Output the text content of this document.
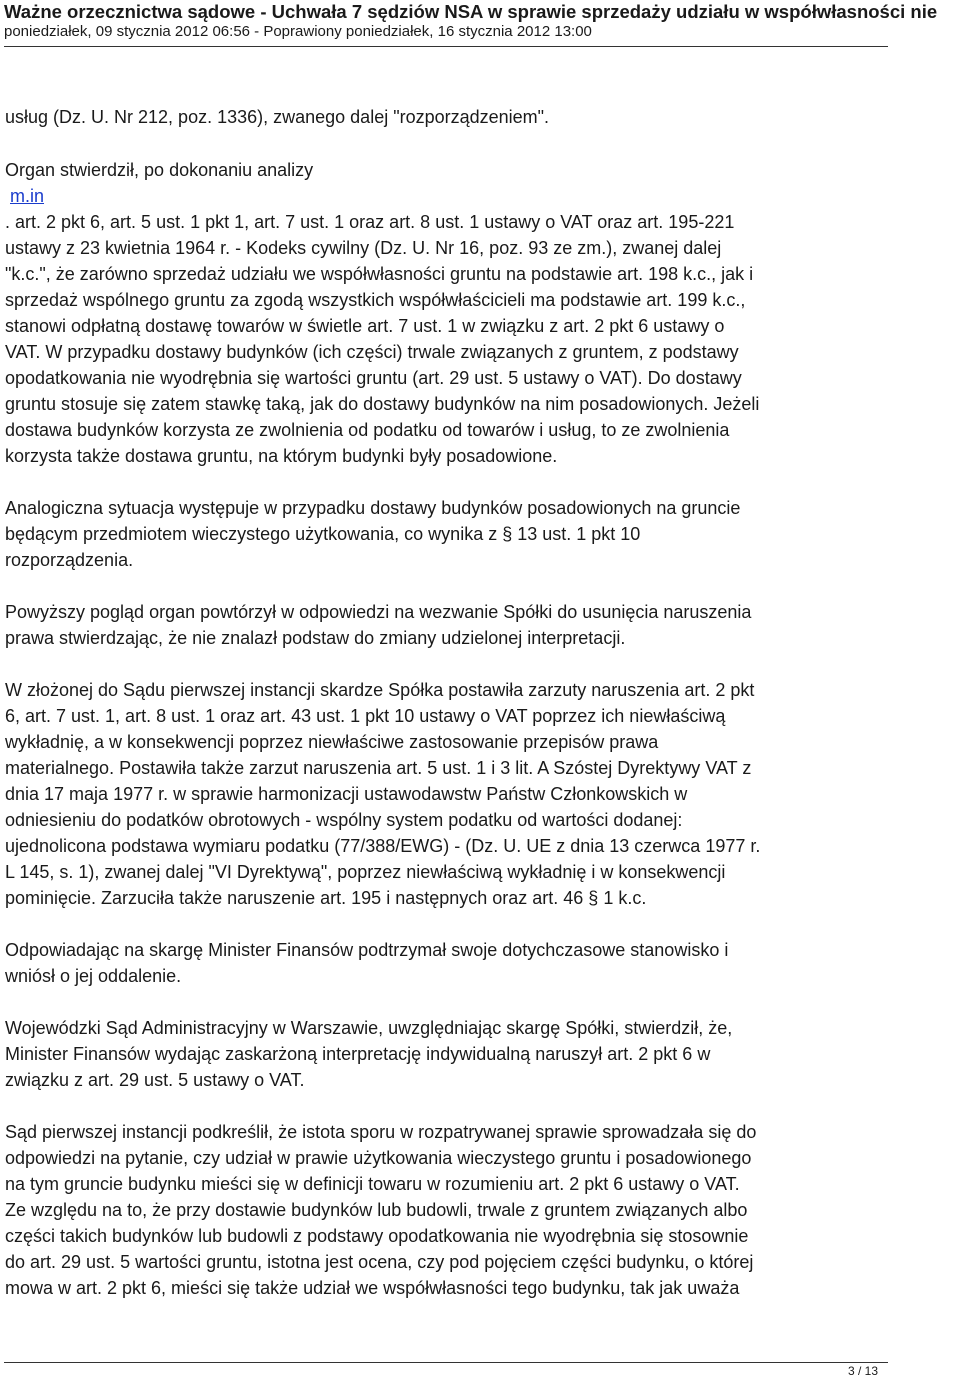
Ważne orzecznictwa sądowe - Uchwała 7 sędziów NSA w sprawie sprzedaży udziału w współwłasności nie
poniedziałek, 09 stycznia 2012 06:56 - Poprawiony poniedziałek, 16 stycznia 2012 13:00
usług (Dz. U. Nr 212, poz. 1336), zwanego dalej "rozporządzeniem".
Organ stwierdził, po dokonaniu analizy
m.in
. art. 2 pkt 6, art. 5 ust. 1 pkt 1, art. 7 ust. 1 oraz art. 8 ust. 1 ustawy o VAT oraz art. 195-221
ustawy z 23 kwietnia 1964 r. - Kodeks cywilny (Dz. U. Nr 16, poz. 93 ze zm.), zwanej dalej
"k.c.", że zarówno sprzedaż udziału we współwłasności gruntu na podstawie art. 198 k.c., jak i
sprzedaż wspólnego gruntu za zgodą wszystkich współwłaścicieli ma podstawie art. 199 k.c.,
stanowi odpłatną dostawę towarów w świetle art. 7 ust. 1 w związku z art. 2 pkt 6 ustawy o
VAT. W przypadku dostawy budynków (ich części) trwale związanych z gruntem, z podstawy
opodatkowania nie wyodrębnia się wartości gruntu (art. 29 ust. 5 ustawy o VAT). Do dostawy
gruntu stosuje się zatem stawkę taką, jak do dostawy budynków na nim posadowionych. Jeżeli
dostawa budynków korzysta ze zwolnienia od podatku od towarów i usług, to ze zwolnienia
korzysta także dostawa gruntu, na którym budynki były posadowione.
Analogiczna sytuacja występuje w przypadku dostawy budynków posadowionych na gruncie
będącym przedmiotem wieczystego użytkowania, co wynika z § 13 ust. 1 pkt 10
rozporządzenia.
Powyższy pogląd organ powtórzył w odpowiedzi na wezwanie Spółki do usunięcia naruszenia
prawa stwierdzając, że nie znalazł podstaw do zmiany udzielonej interpretacji.
W złożonej do Sądu pierwszej instancji skardze Spółka postawiła zarzuty naruszenia art. 2 pkt
6, art. 7 ust. 1, art. 8 ust. 1 oraz art. 43 ust. 1 pkt 10 ustawy o VAT poprzez ich niewłaściwą
wykładnię, a w konsekwencji poprzez niewłaściwe zastosowanie przepisów prawa
materialnego. Postawiła także zarzut naruszenia art. 5 ust. 1 i 3 lit. A Szóstej Dyrektywy VAT z
dnia 17 maja 1977 r. w sprawie harmonizacji ustawodawstw Państw Członkowskich w
odniesieniu do podatków obrotowych - wspólny system podatku od wartości dodanej:
ujednolicona podstawa wymiaru podatku (77/388/EWG) - (Dz. U. UE z dnia 13 czerwca 1977 r.
L 145, s. 1), zwanej dalej "VI Dyrektywą", poprzez niewłaściwą wykładnię i w konsekwencji
pominięcie. Zarzuciła także naruszenie art. 195 i następnych oraz art. 46 § 1 k.c.
Odpowiadając na skargę Minister Finansów podtrzymał swoje dotychczasowe stanowisko i
wniósł o jej oddalenie.
Wojewódzki Sąd Administracyjny w Warszawie, uwzględniając skargę Spółki, stwierdził, że,
Minister Finansów wydając zaskarżoną interpretację indywidualną naruszył art. 2 pkt 6 w
związku z art. 29 ust. 5 ustawy o VAT.
Sąd pierwszej instancji podkreślił, że istota sporu w rozpatrywanej sprawie sprowadzała się do
odpowiedzi na pytanie, czy udział w prawie użytkowania wieczystego gruntu i posadowionego
na tym gruncie budynku mieści się w definicji towaru w rozumieniu art. 2 pkt 6 ustawy o VAT.
Ze względu na to, że przy dostawie budynków lub budowli, trwale z gruntem związanych albo
części takich budynków lub budowli z podstawy opodatkowania nie wyodrębnia się stosownie
do art. 29 ust. 5 wartości gruntu, istotna jest ocena, czy pod pojęciem części budynku, o której
mowa w art. 2 pkt 6, mieści się także udział we współwłasności tego budynku, tak jak uważa
3 / 13
